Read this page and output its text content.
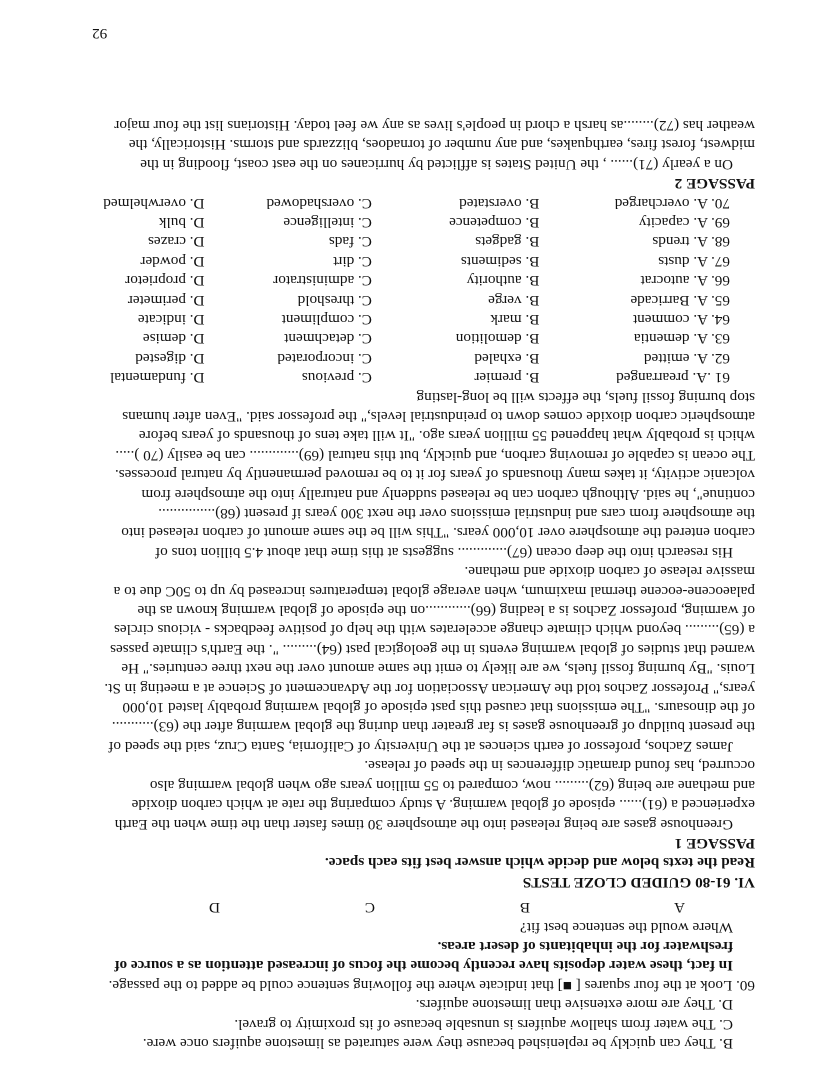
B. They can quickly be replenished because they were saturated as limestone aquifers once were.

C. The water from shallow aquifers is unusable because of its proximity to gravel.

D. They are more extensive than limestone aquifers.

60. Look at the four squares [ ■] that indicate where the following sentence could be added to the passage.

In fact, these water deposits have recently become the focus of increased attention as a source of

freshwater for the inhabitants of desert areas.

Where would the sentence best fit?

A
B
C
D

VI. 61-80 GUIDED CLOZE TESTS

Read the texts below and decide which answer best fits each space.

PASSAGE 1

Greenhouse gases are being released into the atmosphere 30 times faster than the time when the Earth

experienced a (61)...... episode of global warming. A study comparing the rate at which carbon dioxide

and methane are being (62)......... now, compared to 55 million years ago when global warming also

occurred, has found dramatic differences in the speed of release.

James Zachos, professor of earth sciences at the University of California, Santa Cruz, said the speed of

the present buildup of greenhouse gases is far greater than during the global warming after the (63)...........

of the dinosaurs. "The emissions that caused this past episode of global warming probably lasted 10,000

years," Professor Zachos told the American Association for the Advancement of Science at a meeting in St.

Louis. "By burning fossil fuels, we are likely to emit the same amount over the next three centuries." He

warned that studies of global warming events in the geological past (64)......... ". the Earth's climate passes

a (65)......... beyond which climate change accelerates with the help of positive feedbacks - vicious circles

of warming, professor Zachos is a leading (66)............on the episode of global warming known as the

palaeocene-eocene thermal maximum, when average global temperatures increased by up to 50C due to a

massive release of carbon dioxide and methane.

His research into the deep ocean (67)............. suggests at this time that about 4.5 billion tons of

carbon entered the atmosphere over 10,000 years. "This will be the same amount of carbon released into

the atmosphere from cars and industrial emissions over the next 300 years if present (68)...............

continue", he said. Although carbon can be released suddenly and naturally into the atmosphere from

volcanic activity, it takes many thousands of years for it to be removed permanently by natural processes.

The ocean is capable of removing carbon, and quickly, but this natural (69)............. can be easily (70 ).....

which is probably what happened 55 million years ago. "It will take tens of thousands of years before

atmospheric carbon dioxide comes down to preindustrial levels," the professor said. "Even after humans

stop burning fossil fuels, the effects will be long-lasting

61 .A. prearranged
B. premier
C. previous
D. fundamental
62. A. emitted
B. exhaled
C. incorporated
D. digested
63. A. dementia
B. demolition
C. detachment
D. demise
64. A. comment
B. mark
C. compliment
D. indicate
65. A. Barricade
B. verge
C. threshold
D. perimeter
66. A. autocrat
B. authority
C. administrator
D. proprietor
67. A. dusts
B. sediments
C. dirt
D. powder
68. A. trends
B. gadgets
C. fads
D. crazes
69. A. capacity
B. competence
C. intelligence
D. bulk
70. A. overcharged
B. overstated
C. overshadowed
D. overwhelmed

PASSAGE 2

On a yearly (71)...... , the United States is afflicted by hurricanes on the east coast, flooding in the

midwest, forest fires, earthquakes, and any number of tornadoes, blizzards and storms. Historically, the

weather has (72)........as harsh a chord in people's lives as any we feel today. Historians list the four major

92
